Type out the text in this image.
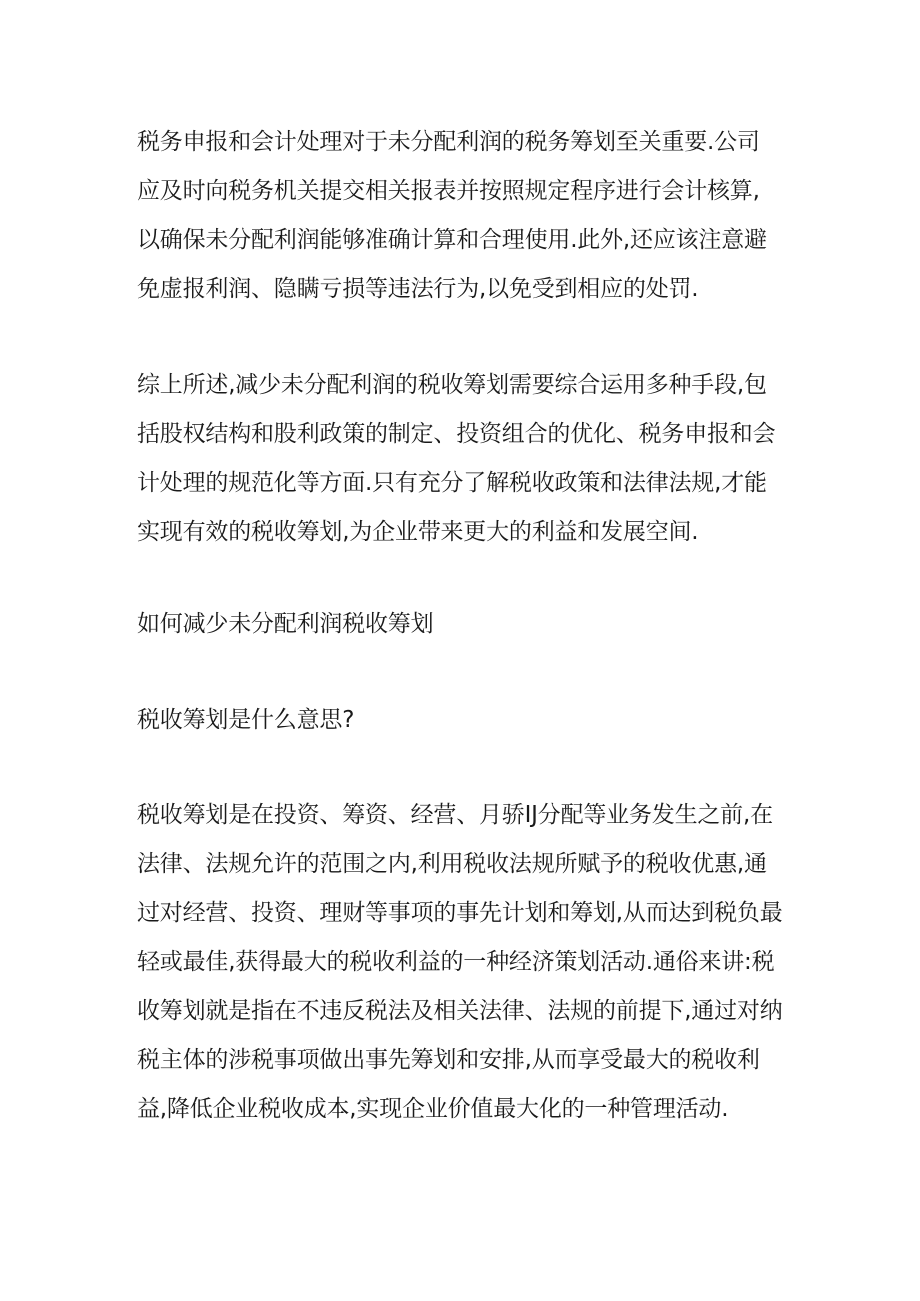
税务申报和会计处理对于未分配利润的税务筹划至关重要.公司

应及时向税务机关提交相关报表并按照规定程序进行会计核算,

以确保未分配利润能够准确计算和合理使用.此外,还应该注意避

免虚报利润、隐瞒亏损等违法行为,以免受到相应的处罚.

综上所述,减少未分配利润的税收筹划需要综合运用多种手段,包

括股权结构和股利政策的制定、投资组合的优化、税务申报和会

计处理的规范化等方面.只有充分了解税收政策和法律法规,才能

实现有效的税收筹划,为企业带来更大的利益和发展空间.

如何减少未分配利润税收筹划

税收筹划是什么意思?

税收筹划是在投资、筹资、经营、月骄IJ分配等业务发生之前,在

法律、法规允许的范围之内,利用税收法规所赋予的税收优惠,通

过对经营、投资、理财等事项的事先计划和筹划,从而达到税负最

轻或最佳,获得最大的税收利益的一种经济策划活动.通俗来讲:税

收筹划就是指在不违反税法及相关法律、法规的前提下,通过对纳

税主体的涉税事项做出事先筹划和安排,从而享受最大的税收利

益,降低企业税收成本,实现企业价值最大化的一种管理活动.
